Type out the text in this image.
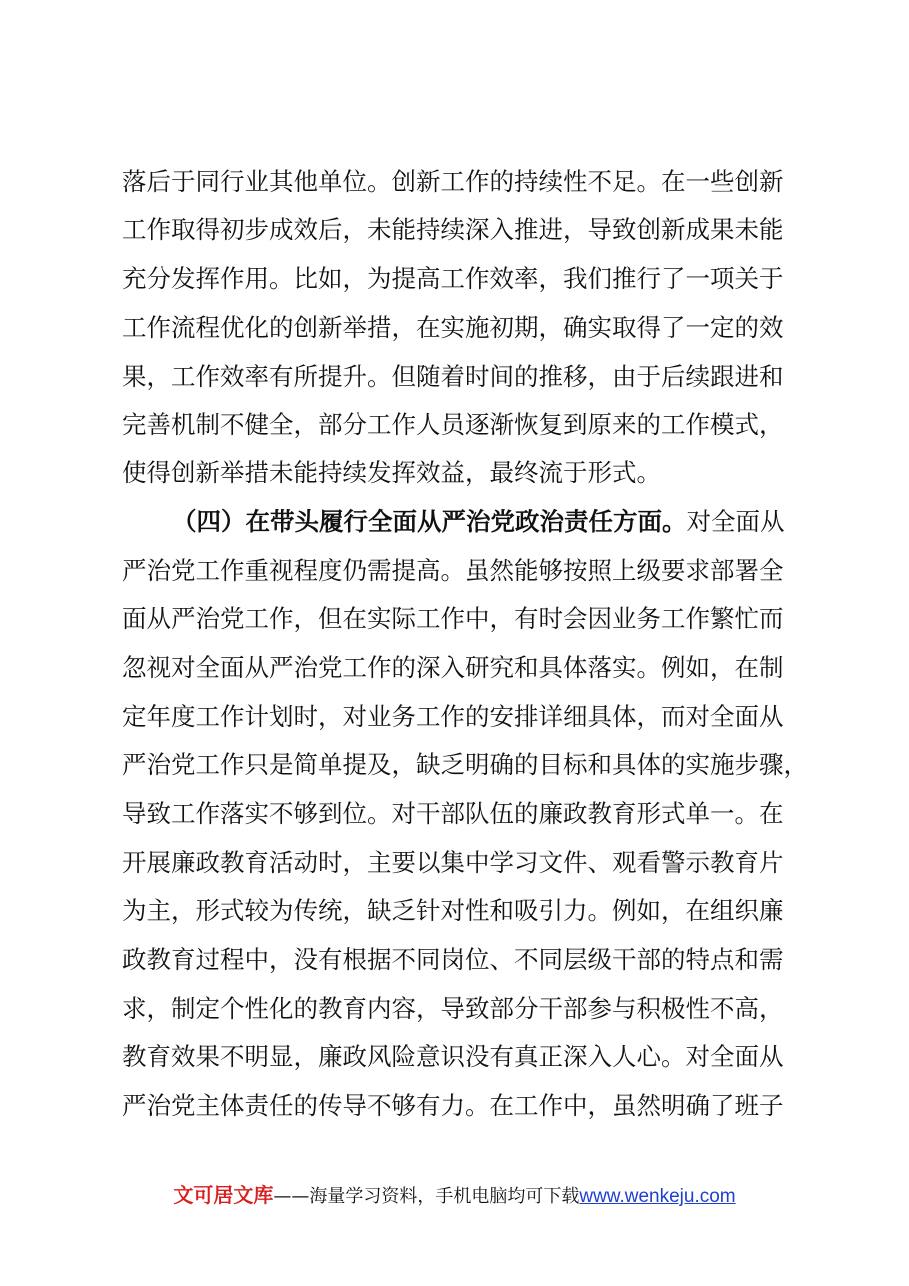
落后于同行业其他单位。创新工作的持续性不足。在一些创新
工作取得初步成效后，未能持续深入推进，导致创新成果未能
充分发挥作用。比如，为提高工作效率，我们推行了一项关于
工作流程优化的创新举措，在实施初期，确实取得了一定的效
果，工作效率有所提升。但随着时间的推移，由于后续跟进和
完善机制不健全，部分工作人员逐渐恢复到原来的工作模式，
使得创新举措未能持续发挥效益，最终流于形式。
（四）在带头履行全面从严治党政治责任方面。对全面从
严治党工作重视程度仍需提高。虽然能够按照上级要求部署全
面从严治党工作，但在实际工作中，有时会因业务工作繁忙而
忽视对全面从严治党工作的深入研究和具体落实。例如，在制
定年度工作计划时，对业务工作的安排详细具体，而对全面从
严治党工作只是简单提及，缺乏明确的目标和具体的实施步骤，
导致工作落实不够到位。对干部队伍的廉政教育形式单一。在
开展廉政教育活动时，主要以集中学习文件、观看警示教育片
为主，形式较为传统，缺乏针对性和吸引力。例如，在组织廉
政教育过程中，没有根据不同岗位、不同层级干部的特点和需
求，制定个性化的教育内容，导致部分干部参与积极性不高，
教育效果不明显，廉政风险意识没有真正深入人心。对全面从
严治党主体责任的传导不够有力。在工作中，虽然明确了班子
文可居文库——海量学习资料，手机电脑均可下载www.wenkeju.com
